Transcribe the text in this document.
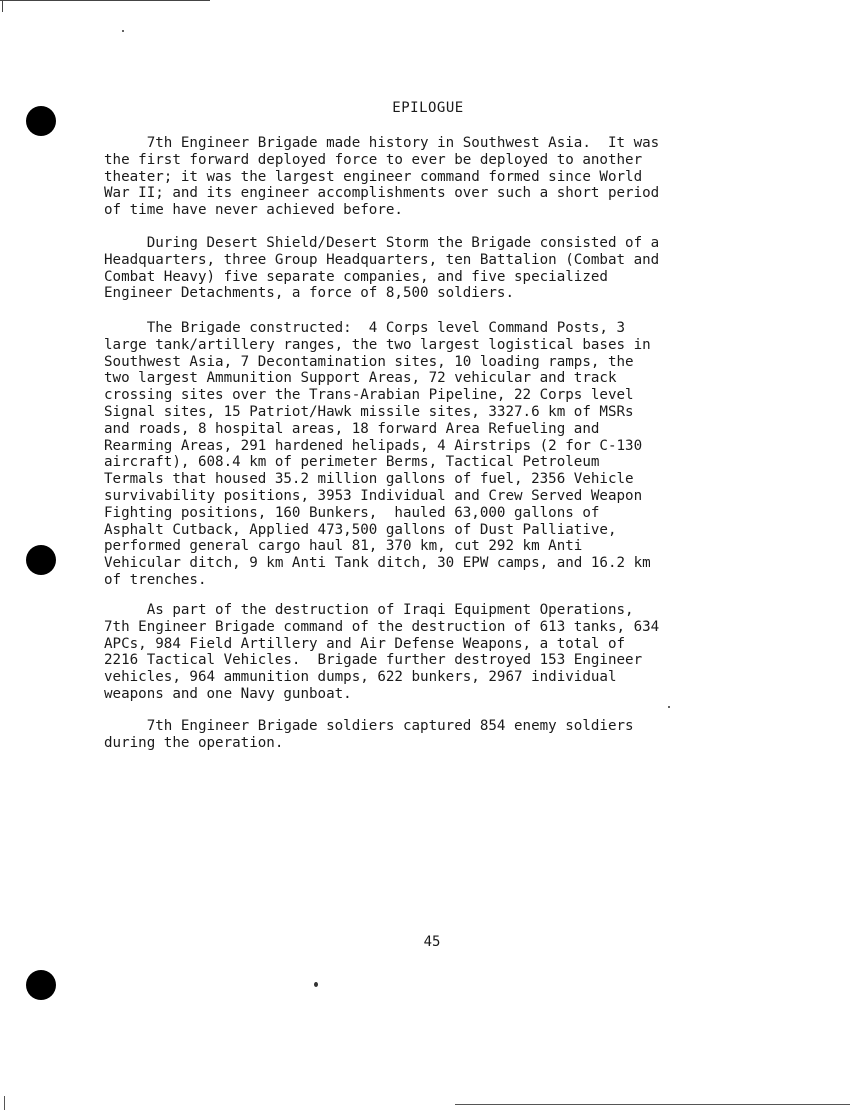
EPILOGUE
7th Engineer Brigade made history in Southwest Asia.  It was
the first forward deployed force to ever be deployed to another
theater; it was the largest engineer command formed since World
War II; and its engineer accomplishments over such a short period
of time have never achieved before.
During Desert Shield/Desert Storm the Brigade consisted of a
Headquarters, three Group Headquarters, ten Battalion (Combat and
Combat Heavy) five separate companies, and five specialized
Engineer Detachments, a force of 8,500 soldiers.
The Brigade constructed:  4 Corps level Command Posts, 3
large tank/artillery ranges, the two largest logistical bases in
Southwest Asia, 7 Decontamination sites, 10 loading ramps, the
two largest Ammunition Support Areas, 72 vehicular and track
crossing sites over the Trans-Arabian Pipeline, 22 Corps level
Signal sites, 15 Patriot/Hawk missile sites, 3327.6 km of MSRs
and roads, 8 hospital areas, 18 forward Area Refueling and
Rearming Areas, 291 hardened helipads, 4 Airstrips (2 for C-130
aircraft), 608.4 km of perimeter Berms, Tactical Petroleum
Termals that housed 35.2 million gallons of fuel, 2356 Vehicle
survivability positions, 3953 Individual and Crew Served Weapon
Fighting positions, 160 Bunkers,  hauled 63,000 gallons of
Asphalt Cutback, Applied 473,500 gallons of Dust Palliative,
performed general cargo haul 81, 370 km, cut 292 km Anti
Vehicular ditch, 9 km Anti Tank ditch, 30 EPW camps, and 16.2 km
of trenches.
As part of the destruction of Iraqi Equipment Operations,
7th Engineer Brigade command of the destruction of 613 tanks, 634
APCs, 984 Field Artillery and Air Defense Weapons, a total of
2216 Tactical Vehicles.  Brigade further destroyed 153 Engineer
vehicles, 964 ammunition dumps, 622 bunkers, 2967 individual
weapons and one Navy gunboat.
7th Engineer Brigade soldiers captured 854 enemy soldiers
during the operation.
45
